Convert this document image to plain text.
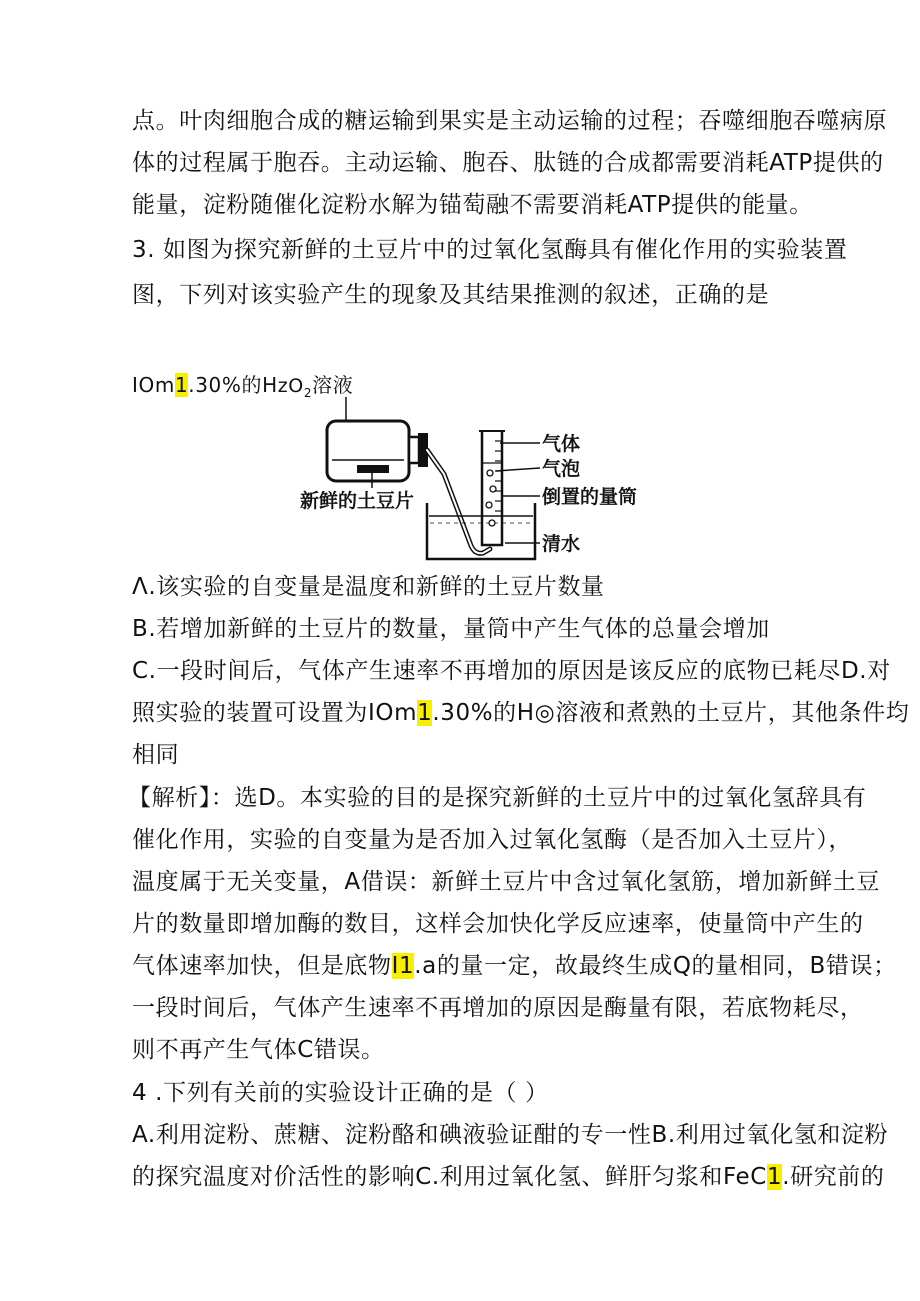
点。叶肉细胞合成的糖运输到果实是主动运输的过程；吞噬细胞吞噬病原
体的过程属于胞吞。主动运输、胞吞、肽链的合成都需要消耗ATP提供的
能量，淀粉随催化淀粉水解为锚萄融不需要消耗ATP提供的能量。
3. 如图为探究新鲜的土豆片中的过氧化氢酶具有催化作用的实验装置
图，下列对该实验产生的现象及其结果推测的叙述，正确的是
IOm1.30%的HzO$_2$溶液
气体
气泡
倒置的量筒
清水
新鲜的土豆片
Λ.该实验的自变量是温度和新鲜的土豆片数量
B.若增加新鲜的土豆片的数量，量筒中产生气体的总量会增加
C.一段时间后，气体产生速率不再增加的原因是该反应的底物已耗尽D.对
照实验的装置可设置为IOm1.30%的H◎溶液和煮熟的土豆片，其他条件均
相同
【解析】：选D。本实验的目的是探究新鲜的土豆片中的过氧化氢辞具有
催化作用，实验的自变量为是否加入过氧化氢酶（是否加入土豆片），
温度属于无关变量，A借误：新鲜土豆片中含过氧化氢筋，增加新鲜土豆
片的数量即增加酶的数目，这样会加快化学反应速率，使量筒中产生的
气体速率加快，但是底物I1.a的量一定，故最终生成Q的量相同，B错误；
一段时间后，气体产生速率不再增加的原因是酶量有限，若底物耗尽，
则不再产生气体C错误。
4 .下列有关前的实验设计正确的是（ ）
A.利用淀粉、蔗糖、淀粉酪和碘液验证酣的专一性B.利用过氧化氢和淀粉
的探究温度对价活性的影响C.利用过氧化氢、鲜肝匀浆和FeC1.研究前的
